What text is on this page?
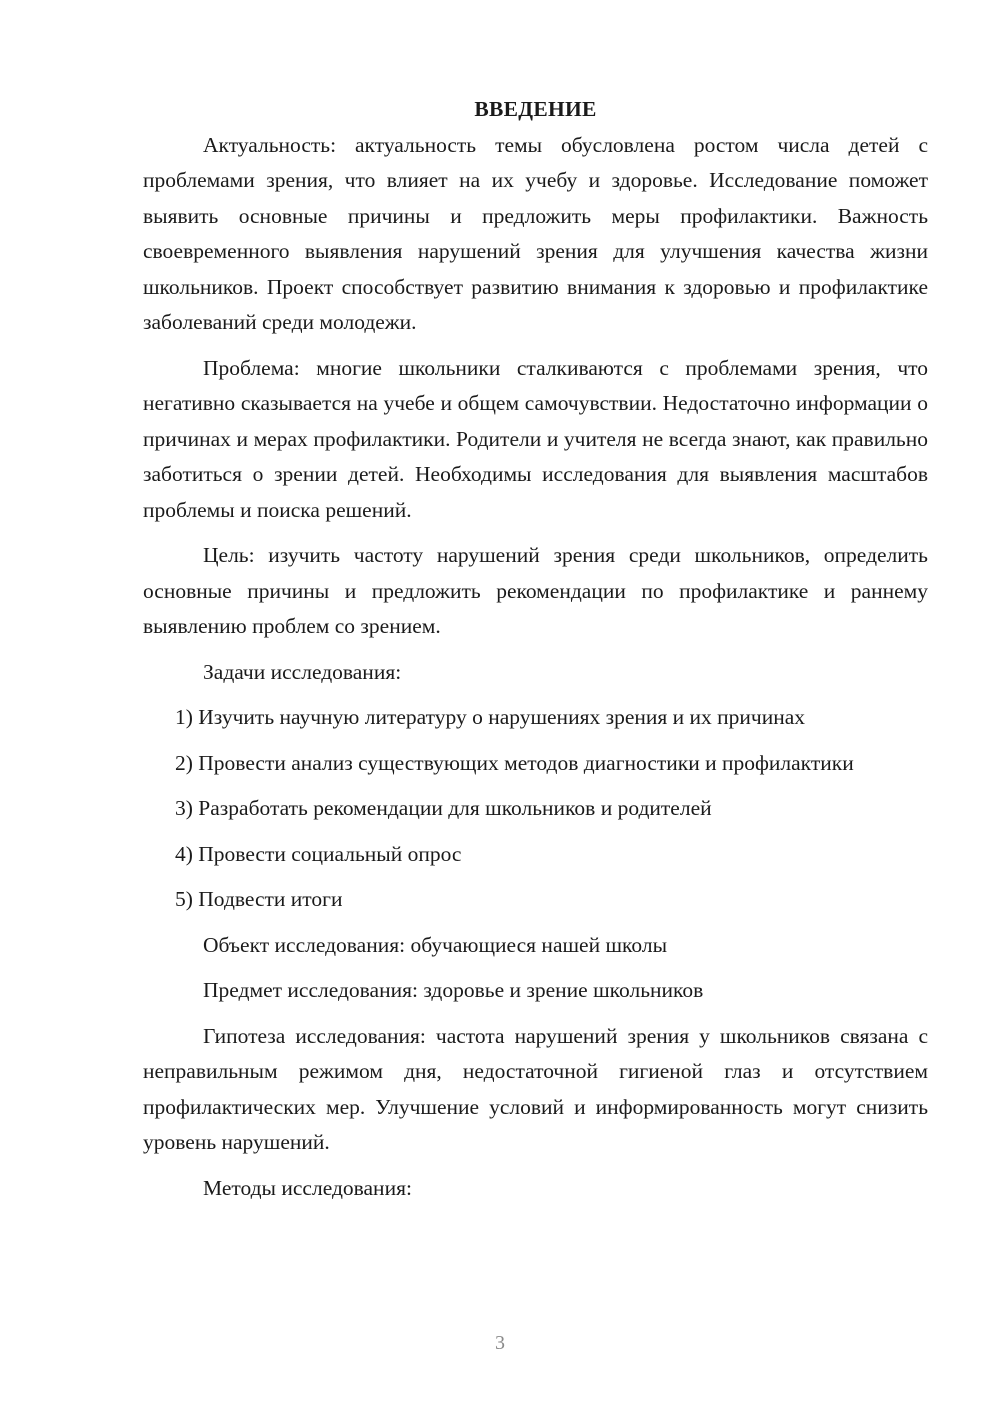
ВВЕДЕНИЕ

Актуальность: актуальность темы обусловлена ростом числа детей с проблемами зрения, что влияет на их учебу и здоровье. Исследование поможет выявить основные причины и предложить меры профилактики. Важность своевременного выявления нарушений зрения для улучшения качества жизни школьников. Проект способствует развитию внимания к здоровью и профилактике заболеваний среди молодежи.

Проблема: многие школьники сталкиваются с проблемами зрения, что негативно сказывается на учебе и общем самочувствии. Недостаточно информации о причинах и мерах профилактики. Родители и учителя не всегда знают, как правильно заботиться о зрении детей. Необходимы исследования для выявления масштабов проблемы и поиска решений.

Цель: изучить частоту нарушений зрения среди школьников, определить основные причины и предложить рекомендации по профилактике и раннему выявлению проблем со зрением.

Задачи исследования:

1) Изучить научную литературу о нарушениях зрения и их причинах

2) Провести анализ существующих методов диагностики и профилактики

3) Разработать рекомендации для школьников и родителей

4) Провести социальный опрос

5) Подвести итоги

Объект исследования: обучающиеся нашей школы

Предмет исследования: здоровье и зрение школьников

Гипотеза исследования: частота нарушений зрения у школьников связана с неправильным режимом дня, недостаточной гигиеной глаз и отсутствием профилактических мер. Улучшение условий и информированность могут снизить уровень нарушений.

Методы исследования:

3
